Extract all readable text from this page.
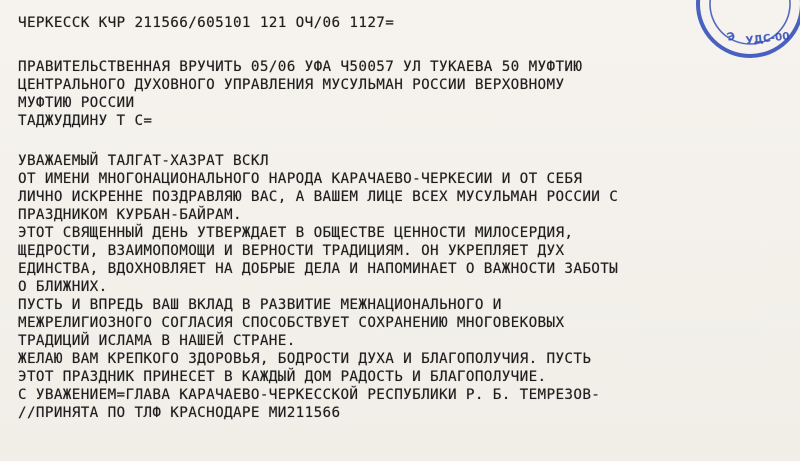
Э УДС-00

ЧЕРКЕССК КЧР 211566/605101 121 ОЧ/06 1127=

ПРАВИТЕЛЬСТВЕННАЯ ВРУЧИТЬ 05/06 УФА Ч50057 УЛ ТУКАЕВА 50 МУФТИЮ

ЦЕНТРАЛЬНОГО ДУХОВНОГО УПРАВЛЕНИЯ МУСУЛЬМАН РОССИИ ВЕРХОВНОМУ

МУФТИЮ РОССИИ

ТАДЖУДДИНУ Т С=

УВАЖАЕМЫЙ ТАЛГАТ-ХАЗРАТ ВСКЛ

ОТ ИМЕНИ МНОГОНАЦИОНАЛЬНОГО НАРОДА КАРАЧАЕВО-ЧЕРКЕСИИ И ОТ СЕБЯ

ЛИЧНО ИСКРЕННЕ ПОЗДРАВЛЯЮ ВАС, А ВАШЕМ ЛИЦЕ ВСЕХ МУСУЛЬМАН РОССИИ С

ПРАЗДНИКОМ КУРБАН-БАЙРАМ.

ЭТОТ СВЯЩЕННЫЙ ДЕНЬ УТВЕРЖДАЕТ В ОБЩЕСТВЕ ЦЕННОСТИ МИЛОСЕРДИЯ,

ЩЕДРОСТИ, ВЗАИМОПОМОЩИ И ВЕРНОСТИ ТРАДИЦИЯМ. ОН УКРЕПЛЯЕТ ДУХ

ЕДИНСТВА, ВДОХНОВЛЯЕТ НА ДОБРЫЕ ДЕЛА И НАПОМИНАЕТ О ВАЖНОСТИ ЗАБОТЫ

О БЛИЖНИХ.

ПУСТЬ И ВПРЕДЬ ВАШ ВКЛАД В РАЗВИТИЕ МЕЖНАЦИОНАЛЬНОГО И

МЕЖРЕЛИГИОЗНОГО СОГЛАСИЯ СПОСОБСТВУЕТ СОХРАНЕНИЮ МНОГОВЕКОВЫХ

ТРАДИЦИЙ ИСЛАМА В НАШЕЙ СТРАНЕ.

ЖЕЛАЮ ВАМ КРЕПКОГО ЗДОРОВЬЯ, БОДРОСТИ ДУХА И БЛАГОПОЛУЧИЯ. ПУСТЬ

ЭТОТ ПРАЗДНИК ПРИНЕСЕТ В КАЖДЫЙ ДОМ РАДОСТЬ И БЛАГОПОЛУЧИЕ.

С УВАЖЕНИЕМ=ГЛАВА КАРАЧАЕВО-ЧЕРКЕССКОЙ РЕСПУБЛИКИ Р. Б. ТЕМРЕЗОВ-

//ПРИНЯТА ПО ТЛФ КРАСНОДАРЕ МИ211566
